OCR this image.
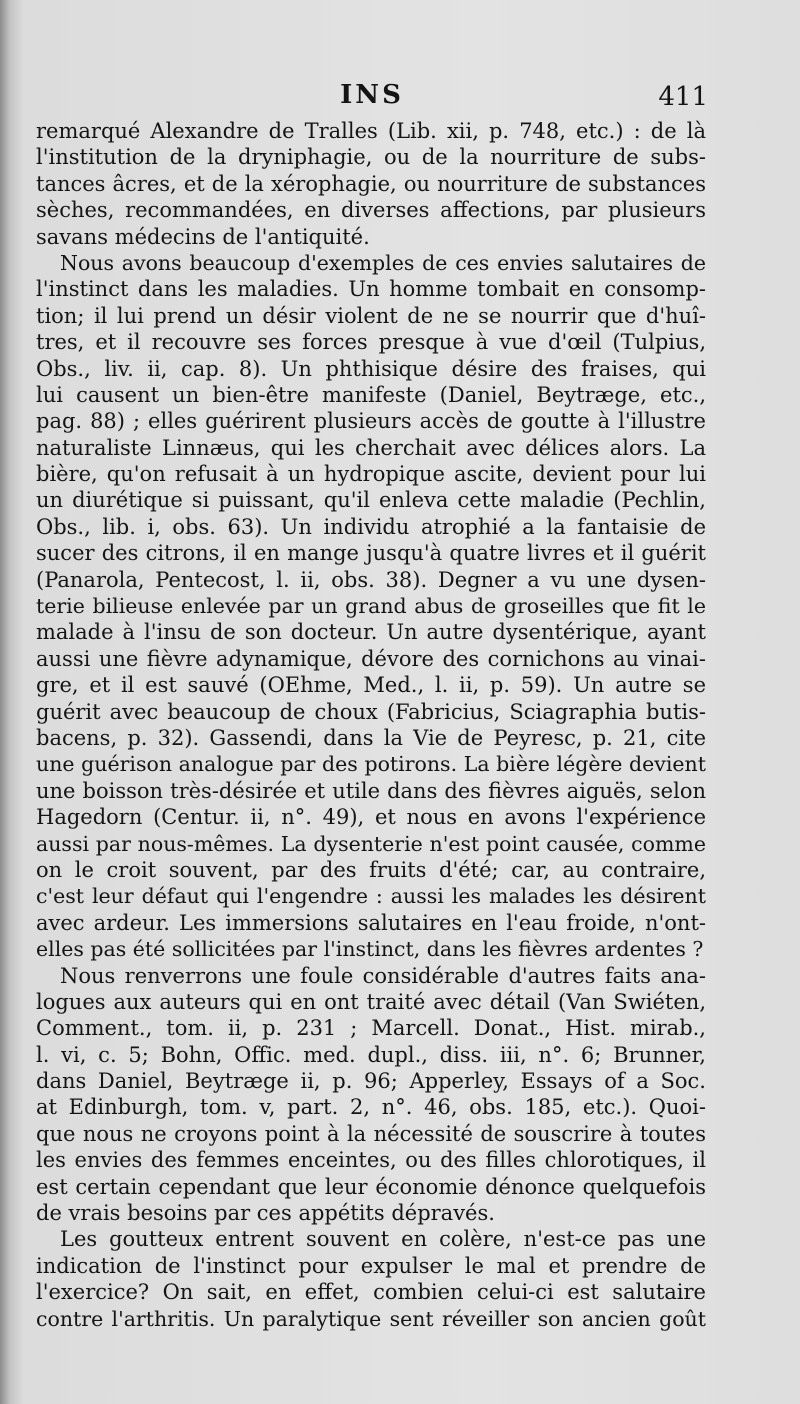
INS	411
remarqué Alexandre de Tralles (Lib. xii, p. 748, etc.) : de là
l'institution de la dryniphagie, ou de la nourriture de subs-
tances âcres, et de la xérophagie, ou nourriture de substances
sèches, recommandées, en diverses affections, par plusieurs
savans médecins de l'antiquité.
Nous avons beaucoup d'exemples de ces envies salutaires de
l'instinct dans les maladies. Un homme tombait en consomp-
tion; il lui prend un désir violent de ne se nourrir que d'huî-
tres, et il recouvre ses forces presque à vue d'œil (Tulpius,
Obs., liv. ii, cap. 8). Un phthisique désire des fraises, qui
lui causent un bien-être manifeste (Daniel, Beytræge, etc.,
pag. 88) ; elles guérirent plusieurs accès de goutte à l'illustre
naturaliste Linnæus, qui les cherchait avec délices alors. La
bière, qu'on refusait à un hydropique ascite, devient pour lui
un diurétique si puissant, qu'il enleva cette maladie (Pechlin,
Obs., lib. i, obs. 63). Un individu atrophié a la fantaisie de
sucer des citrons, il en mange jusqu'à quatre livres et il guérit
(Panarola, Pentecost, l. ii, obs. 38). Degner a vu une dysen-
terie bilieuse enlevée par un grand abus de groseilles que fit le
malade à l'insu de son docteur. Un autre dysentérique, ayant
aussi une fièvre adynamique, dévore des cornichons au vinai-
gre, et il est sauvé (OEhme, Med., l. ii, p. 59). Un autre se
guérit avec beaucoup de choux (Fabricius, Sciagraphia butis-
bacens, p. 32). Gassendi, dans la Vie de Peyresc, p. 21, cite
une guérison analogue par des potirons. La bière légère devient
une boisson très-désirée et utile dans des fièvres aiguës, selon
Hagedorn (Centur. ii, n°. 49), et nous en avons l'expérience
aussi par nous-mêmes. La dysenterie n'est point causée, comme
on le croit souvent, par des fruits d'été; car, au contraire,
c'est leur défaut qui l'engendre : aussi les malades les désirent
avec ardeur. Les immersions salutaires en l'eau froide, n'ont-
elles pas été sollicitées par l'instinct, dans les fièvres ardentes ?
Nous renverrons une foule considérable d'autres faits ana-
logues aux auteurs qui en ont traité avec détail (Van Swiéten,
Comment., tom. ii, p. 231 ; Marcell. Donat., Hist. mirab.,
l. vi, c. 5; Bohn, Offic. med. dupl., diss. iii, n°. 6; Brunner,
dans Daniel, Beytræge ii, p. 96; Apperley, Essays of a Soc.
at Edinburgh, tom. v, part. 2, n°. 46, obs. 185, etc.). Quoi-
que nous ne croyons point à la nécessité de souscrire à toutes
les envies des femmes enceintes, ou des filles chlorotiques, il
est certain cependant que leur économie dénonce quelquefois
de vrais besoins par ces appétits dépravés.
Les goutteux entrent souvent en colère, n'est-ce pas une
indication de l'instinct pour expulser le mal et prendre de
l'exercice? On sait, en effet, combien celui-ci est salutaire
contre l'arthritis. Un paralytique sent réveiller son ancien goût
